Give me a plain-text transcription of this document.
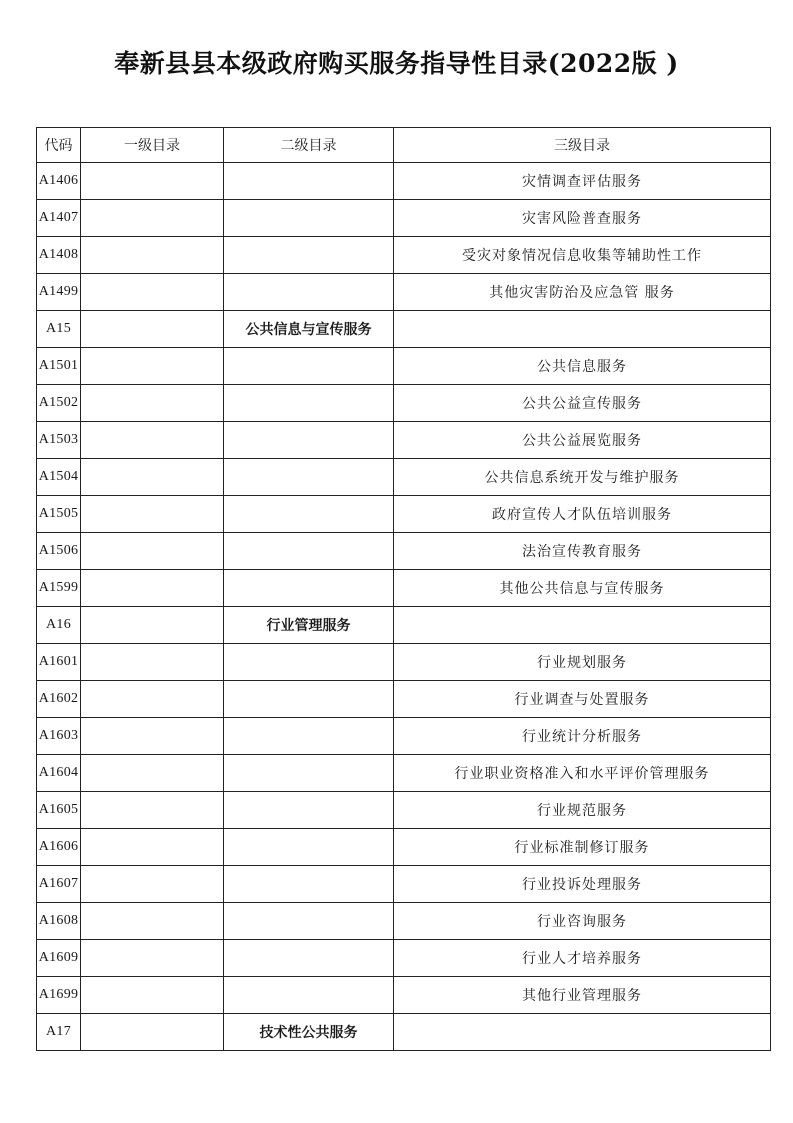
奉新县县本级政府购买服务指导性目录(2022版 )
代码	一级目录	二级目录	三级目录
A1406			灾情调查评估服务
A1407			灾害风险普查服务
A1408			受灾对象情况信息收集等辅助性工作
A1499			其他灾害防治及应急管 服务
A15		公共信息与宣传服务	
A1501			公共信息服务
A1502			公共公益宣传服务
A1503			公共公益展览服务
A1504			公共信息系统开发与维护服务
A1505			政府宣传人才队伍培训服务
A1506			法治宣传教育服务
A1599			其他公共信息与宣传服务
A16		行业管理服务	
A1601			行业规划服务
A1602			行业调查与处置服务
A1603			行业统计分析服务
A1604			行业职业资格准入和水平评价管理服务
A1605			行业规范服务
A1606			行业标准制修订服务
A1607			行业投诉处理服务
A1608			行业咨询服务
A1609			行业人才培养服务
A1699			其他行业管理服务
A17		技术性公共服务	
